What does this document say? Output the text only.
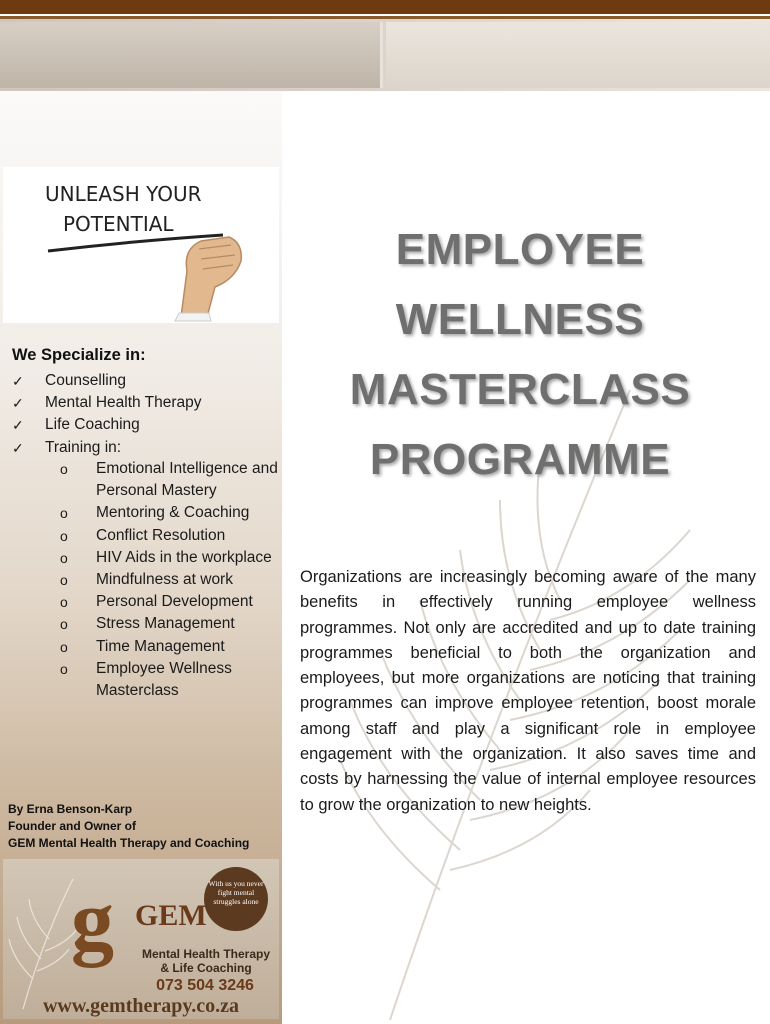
UNLEASH YOUR
POTENTIAL
EMPLOYEE
WELLNESS
MASTERCLASS
PROGRAMME

We Specialize in:

✓	Counselling
✓	Mental Health Therapy
✓	Life Coaching
✓	Training in:
o	Emotional Intelligence and Personal Mastery
o	Mentoring & Coaching
o	Conflict Resolution
o	HIV Aids in the workplace
o	Mindfulness at work
o	Personal Development
o	Stress Management
o	Time Management
o	Employee Wellness Masterclass

Organizations are increasingly becoming aware of the many benefits in effectively running employee wellness programmes. Not only are accredited and up to date training programmes beneficial to both the organization and employees, but more organizations are noticing that training programmes can improve employee retention, boost morale among staff and play a significant role in employee engagement with the organization. It also saves time and costs by harnessing the value of internal employee resources to grow the organization to new heights.

By Erna Benson-Karp
Founder and Owner of
GEM Mental Health Therapy and Coaching
g GEM
With us you never fight mental struggles alone
Mental Health Therapy
& Life Coaching
073 504 3246
www.gemtherapy.co.za
